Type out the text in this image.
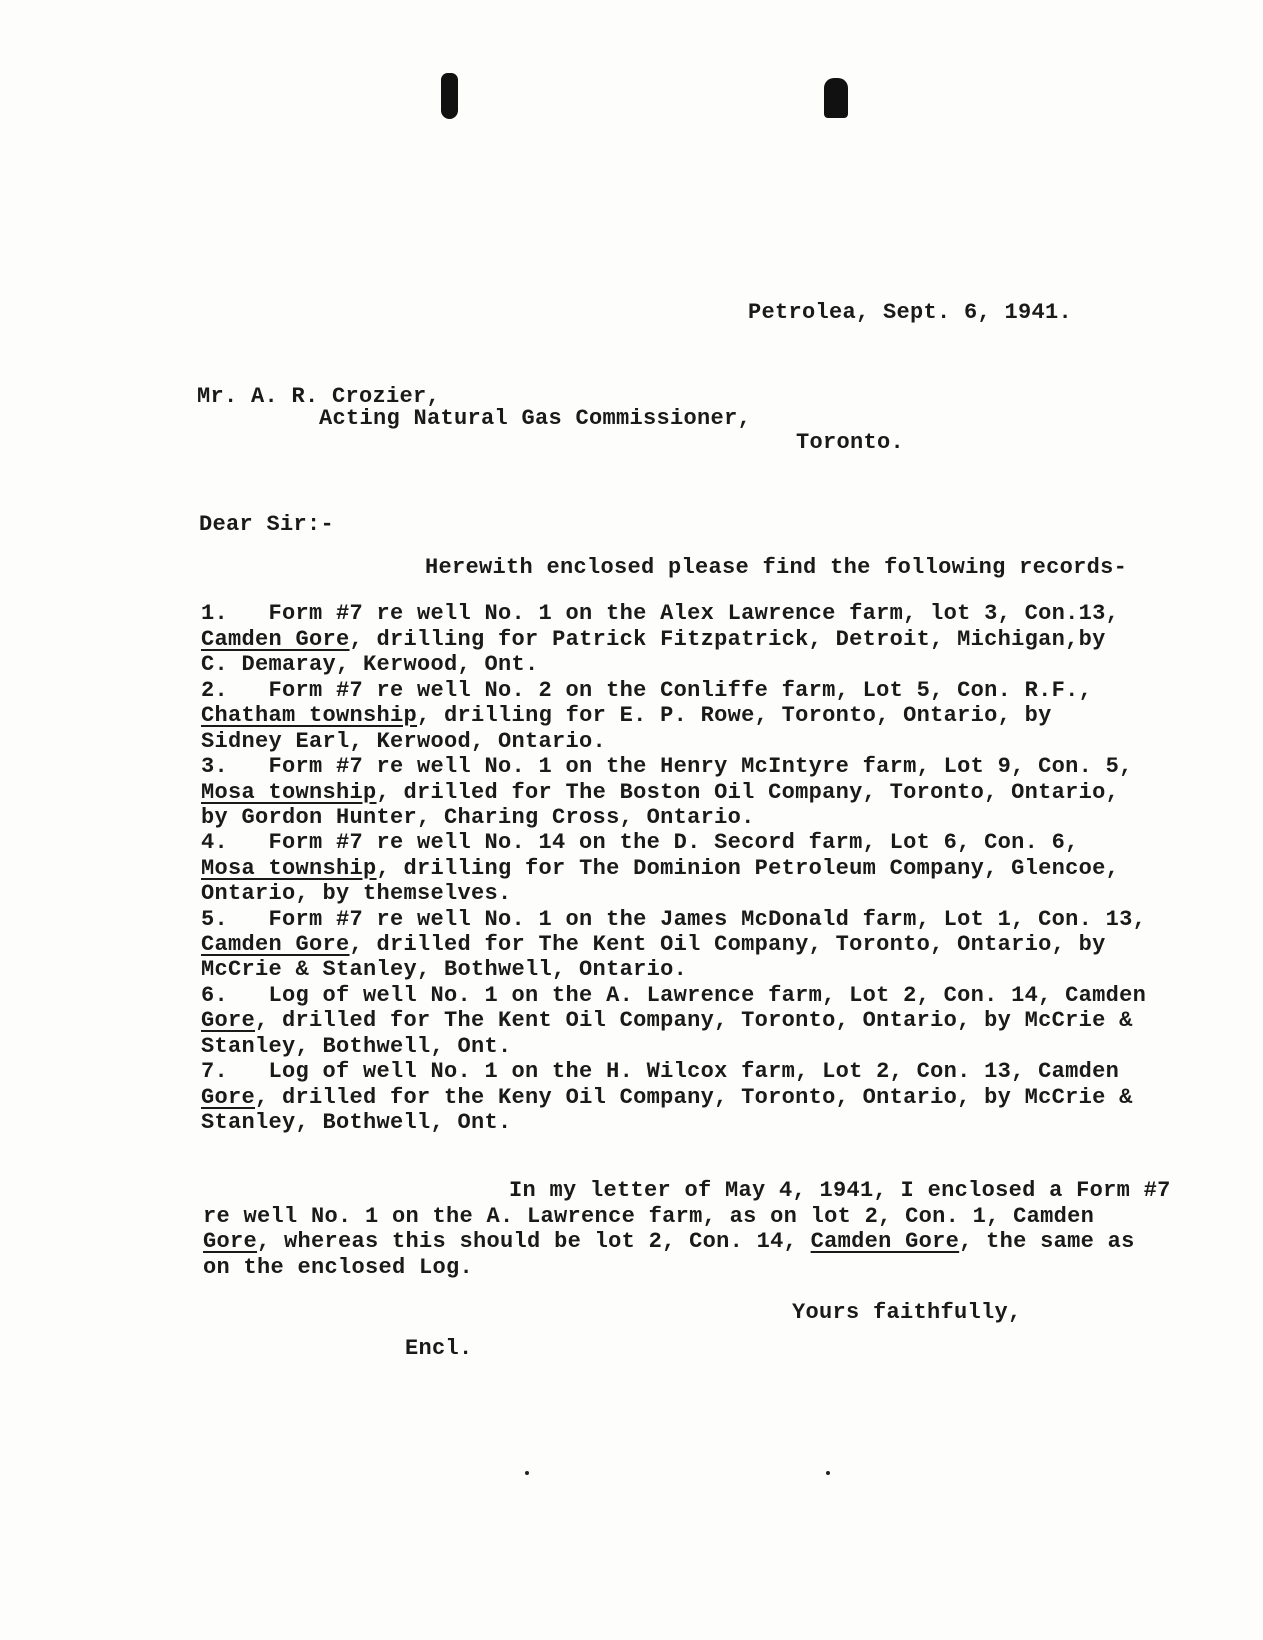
Petrolea, Sept. 6, 1941.
Mr. A. R. Crozier,
Acting Natural Gas Commissioner,
Toronto.
Dear Sir:-
Herewith enclosed please find the following records-
1.   Form #7 re well No. 1 on the Alex Lawrence farm, lot 3, Con.13,
Camden Gore, drilling for Patrick Fitzpatrick, Detroit, Michigan,by
C. Demaray, Kerwood, Ont.
2.   Form #7 re well No. 2 on the Conliffe farm, Lot 5, Con. R.F.,
Chatham township, drilling for E. P. Rowe, Toronto, Ontario, by
Sidney Earl, Kerwood, Ontario.
3.   Form #7 re well No. 1 on the Henry McIntyre farm, Lot 9, Con. 5,
Mosa township, drilled for The Boston Oil Company, Toronto, Ontario,
by Gordon Hunter, Charing Cross, Ontario.
4.   Form #7 re well No. 14 on the D. Secord farm, Lot 6, Con. 6,
Mosa township, drilling for The Dominion Petroleum Company, Glencoe,
Ontario, by themselves.
5.   Form #7 re well No. 1 on the James McDonald farm, Lot 1, Con. 13,
Camden Gore, drilled for The Kent Oil Company, Toronto, Ontario, by
McCrie & Stanley, Bothwell, Ontario.
6.   Log of well No. 1 on the A. Lawrence farm, Lot 2, Con. 14, Camden
Gore, drilled for The Kent Oil Company, Toronto, Ontario, by McCrie &
Stanley, Bothwell, Ont.
7.   Log of well No. 1 on the H. Wilcox farm, Lot 2, Con. 13, Camden
Gore, drilled for the Keny Oil Company, Toronto, Ontario, by McCrie &
Stanley, Bothwell, Ont.
In my letter of May 4, 1941, I enclosed a Form #7
re well No. 1 on the A. Lawrence farm, as on lot 2, Con. 1, Camden
Gore, whereas this should be lot 2, Con. 14, Camden Gore, the same as
on the enclosed Log.
Yours faithfully,
Encl.
